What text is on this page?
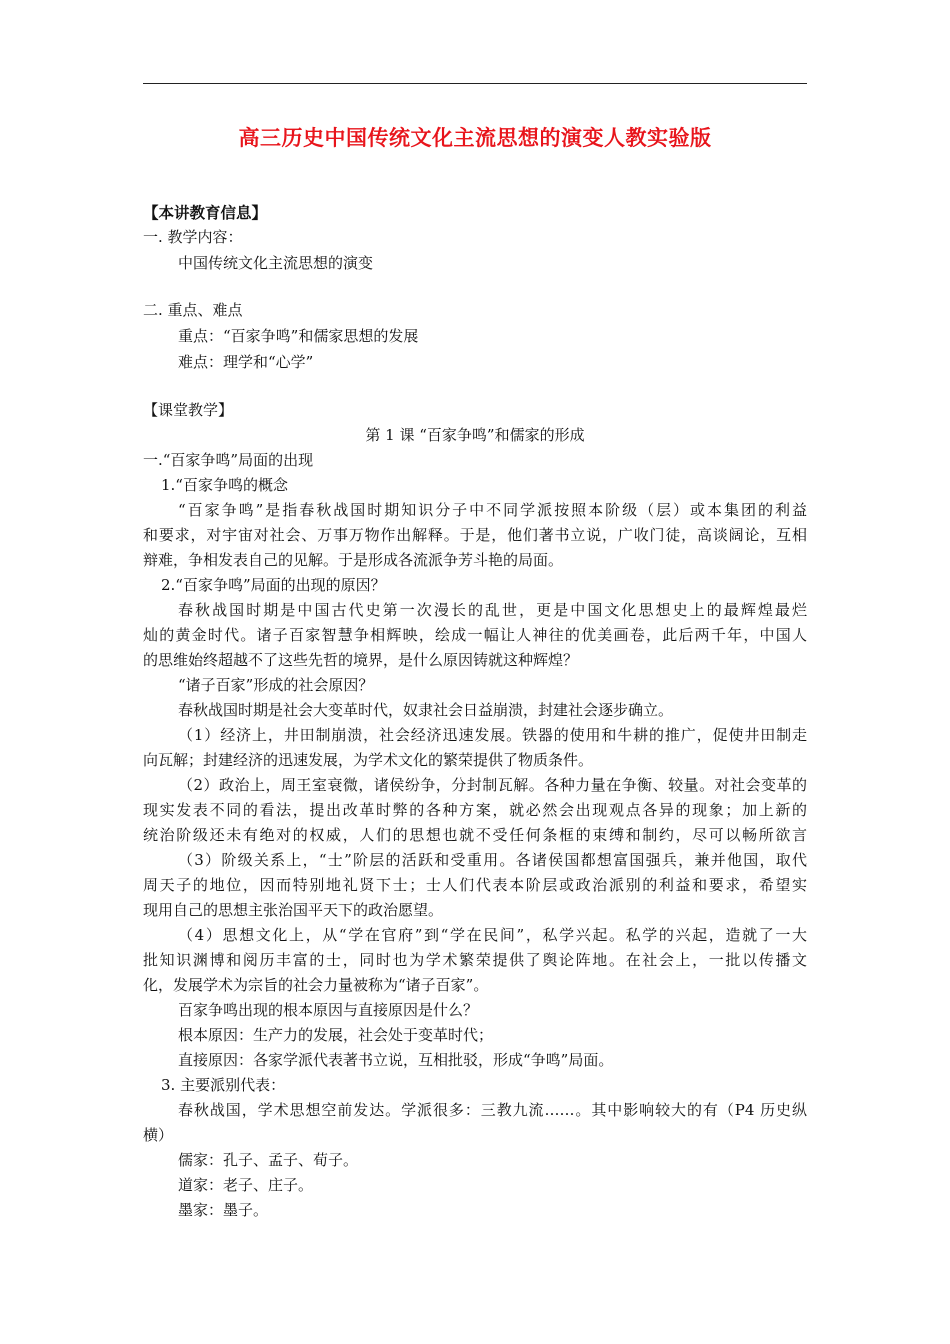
高三历史中国传统文化主流思想的演变人教实验版
【本讲教育信息】
一. 教学内容：
中国传统文化主流思想的演变
二. 重点、难点
重点：“百家争鸣”和儒家思想的发展
难点：理学和“心学”
【课堂教学】
第 1 课 “百家争鸣”和儒家的形成
一.“百家争鸣”局面的出现
1.“百家争鸣的概念
“百家争鸣”是指春秋战国时期知识分子中不同学派按照本阶级（层）或本集团的利益
和要求，对宇宙对社会、万事万物作出解释。于是，他们著书立说，广收门徒，高谈阔论，互相
辩难，争相发表自己的见解。于是形成各流派争芳斗艳的局面。
2.“百家争鸣”局面的出现的原因？
春秋战国时期是中国古代史第一次漫长的乱世，更是中国文化思想史上的最辉煌最烂
灿的黄金时代。诸子百家智慧争相辉映，绘成一幅让人神往的优美画卷，此后两千年，中国人
的思维始终超越不了这些先哲的境界，是什么原因铸就这种辉煌？
“诸子百家”形成的社会原因？
春秋战国时期是社会大变革时代，奴隶社会日益崩溃，封建社会逐步确立。
（1）经济上，井田制崩溃，社会经济迅速发展。铁器的使用和牛耕的推广，促使井田制走
向瓦解；封建经济的迅速发展，为学术文化的繁荣提供了物质条件。
（2）政治上，周王室衰微，诸侯纷争，分封制瓦解。各种力量在争衡、较量。对社会变革的
现实发表不同的看法，提出改革时弊的各种方案，就必然会出现观点各异的现象；加上新的
统治阶级还未有绝对的权威，人们的思想也就不受任何条框的束缚和制约，尽可以畅所欲言
（3）阶级关系上，“士”阶层的活跃和受重用。各诸侯国都想富国强兵，兼并他国，取代
周天子的地位，因而特别地礼贤下士；士人们代表本阶层或政治派别的利益和要求，希望实
现用自己的思想主张治国平天下的政治愿望。
（4）思想文化上，从“学在官府”到“学在民间”，私学兴起。私学的兴起，造就了一大
批知识渊博和阅历丰富的士，同时也为学术繁荣提供了舆论阵地。在社会上，一批以传播文
化，发展学术为宗旨的社会力量被称为“诸子百家”。
百家争鸣出现的根本原因与直接原因是什么？
根本原因：生产力的发展，社会处于变革时代；
直接原因：各家学派代表著书立说，互相批驳，形成“争鸣”局面。
3. 主要派别代表：
春秋战国，学术思想空前发达。学派很多：三教九流……。其中影响较大的有（P4 历史纵
横）
儒家：孔子、孟子、荀子。
道家：老子、庄子。
墨家：墨子。
